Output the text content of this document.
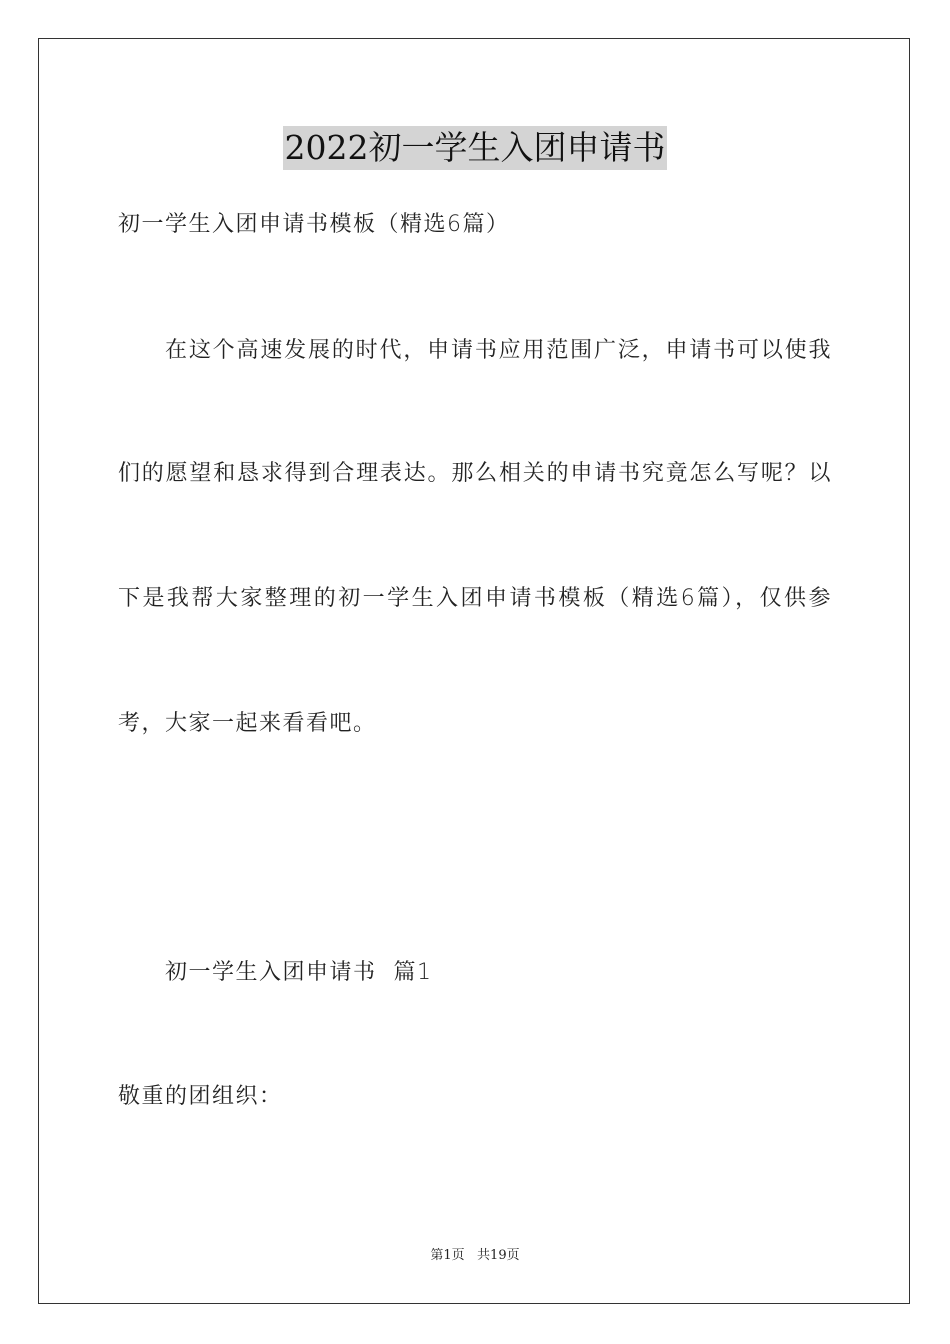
2022初一学生入团申请书
初一学生入团申请书模板（精选6篇）
在这个高速发展的时代，申请书应用范围广泛，申请书可以使我
们的愿望和恳求得到合理表达。那么相关的申请书究竟怎么写呢？以
下是我帮大家整理的初一学生入团申请书模板（精选6篇），仅供参
考，大家一起来看看吧。
初一学生入团申请书  篇1
敬重的团组织：
第1页   共19页
